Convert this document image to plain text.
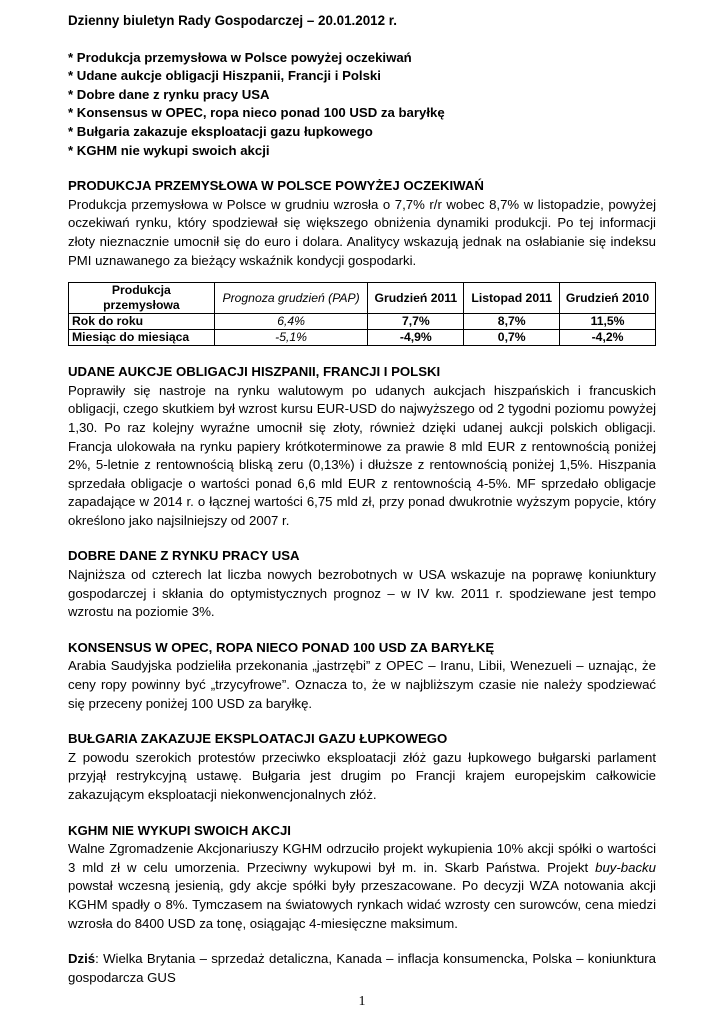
Dzienny biuletyn Rady Gospodarczej – 20.01.2012 r.
* Produkcja przemysłowa w Polsce powyżej oczekiwań
* Udane aukcje obligacji Hiszpanii, Francji i Polski
* Dobre dane z rynku pracy USA
* Konsensus w OPEC, ropa nieco ponad 100 USD za baryłkę
* Bułgaria zakazuje eksploatacji gazu łupkowego
* KGHM nie wykupi swoich akcji
PRODUKCJA PRZEMYSŁOWA W POLSCE POWYŻEJ OCZEKIWAŃ

Produkcja przemysłowa w Polsce w grudniu wzrosła o 7,7% r/r wobec 8,7% w listopadzie, powyżej oczekiwań rynku, który spodziewał się większego obniżenia dynamiki produkcji. Po tej informacji złoty nieznacznie umocnił się do euro i dolara. Analitycy wskazują jednak na osłabianie się indeksu PMI uznawanego za bieżący wskaźnik kondycji gospodarki.

Produkcja przemysłowa	Prognoza grudzień (PAP)	Grudzień 2011	Listopad 2011	Grudzień 2010
Rok do roku	6,4%	7,7%	8,7%	11,5%
Miesiąc do miesiąca	-5,1%	-4,9%	0,7%	-4,2%
UDANE AUKCJE OBLIGACJI HISZPANII, FRANCJI I POLSKI

Poprawiły się nastroje na rynku walutowym po udanych aukcjach hiszpańskich i francuskich obligacji, czego skutkiem był wzrost kursu EUR-USD do najwyższego od 2 tygodni poziomu powyżej 1,30. Po raz kolejny wyraźne umocnił się złoty, również dzięki udanej aukcji polskich obligacji. Francja ulokowała na rynku papiery krótkoterminowe za prawie 8 mld EUR z rentownością poniżej 2%, 5-letnie z rentownością bliską zeru (0,13%) i dłuższe z rentownością poniżej 1,5%. Hiszpania sprzedała obligacje o wartości ponad 6,6 mld EUR z rentownością 4-5%. MF sprzedało obligacje zapadające w 2014 r. o łącznej wartości 6,75 mld zł, przy ponad dwukrotnie wyższym popycie, który określono jako najsilniejszy od 2007 r.

DOBRE DANE Z RYNKU PRACY USA

Najniższa od czterech lat liczba nowych bezrobotnych w USA wskazuje na poprawę koniunktury gospodarczej i skłania do optymistycznych prognoz – w IV kw. 2011 r. spodziewane jest tempo wzrostu na poziomie 3%.

KONSENSUS W OPEC, ROPA NIECO PONAD 100 USD ZA BARYŁKĘ

Arabia Saudyjska podzieliła przekonania „jastrzębi” z OPEC – Iranu, Libii, Wenezueli – uznając, że ceny ropy powinny być „trzycyfrowe”. Oznacza to, że w najbliższym czasie nie należy spodziewać się przeceny poniżej 100 USD za baryłkę.

BUŁGARIA ZAKAZUJE EKSPLOATACJI GAZU ŁUPKOWEGO

Z powodu szerokich protestów przeciwko eksploatacji złóż gazu łupkowego bułgarski parlament przyjął restrykcyjną ustawę. Bułgaria jest drugim po Francji krajem europejskim całkowicie zakazującym eksploatacji niekonwencjonalnych złóż.

KGHM NIE WYKUPI SWOICH AKCJI

Walne Zgromadzenie Akcjonariuszy KGHM odrzuciło projekt wykupienia 10% akcji spółki o wartości 3 mld zł w celu umorzenia. Przeciwny wykupowi był m. in. Skarb Państwa. Projekt buy-backu powstał wczesną jesienią, gdy akcje spółki były przeszacowane. Po decyzji WZA notowania akcji KGHM spadły o 8%. Tymczasem na światowych rynkach widać wzrosty cen surowców, cena miedzi wzrosła do 8400 USD za tonę, osiągając 4-miesięczne maksimum.

Dziś: Wielka Brytania – sprzedaż detaliczna, Kanada – inflacja konsumencka, Polska – koniunktura gospodarcza GUS

1
